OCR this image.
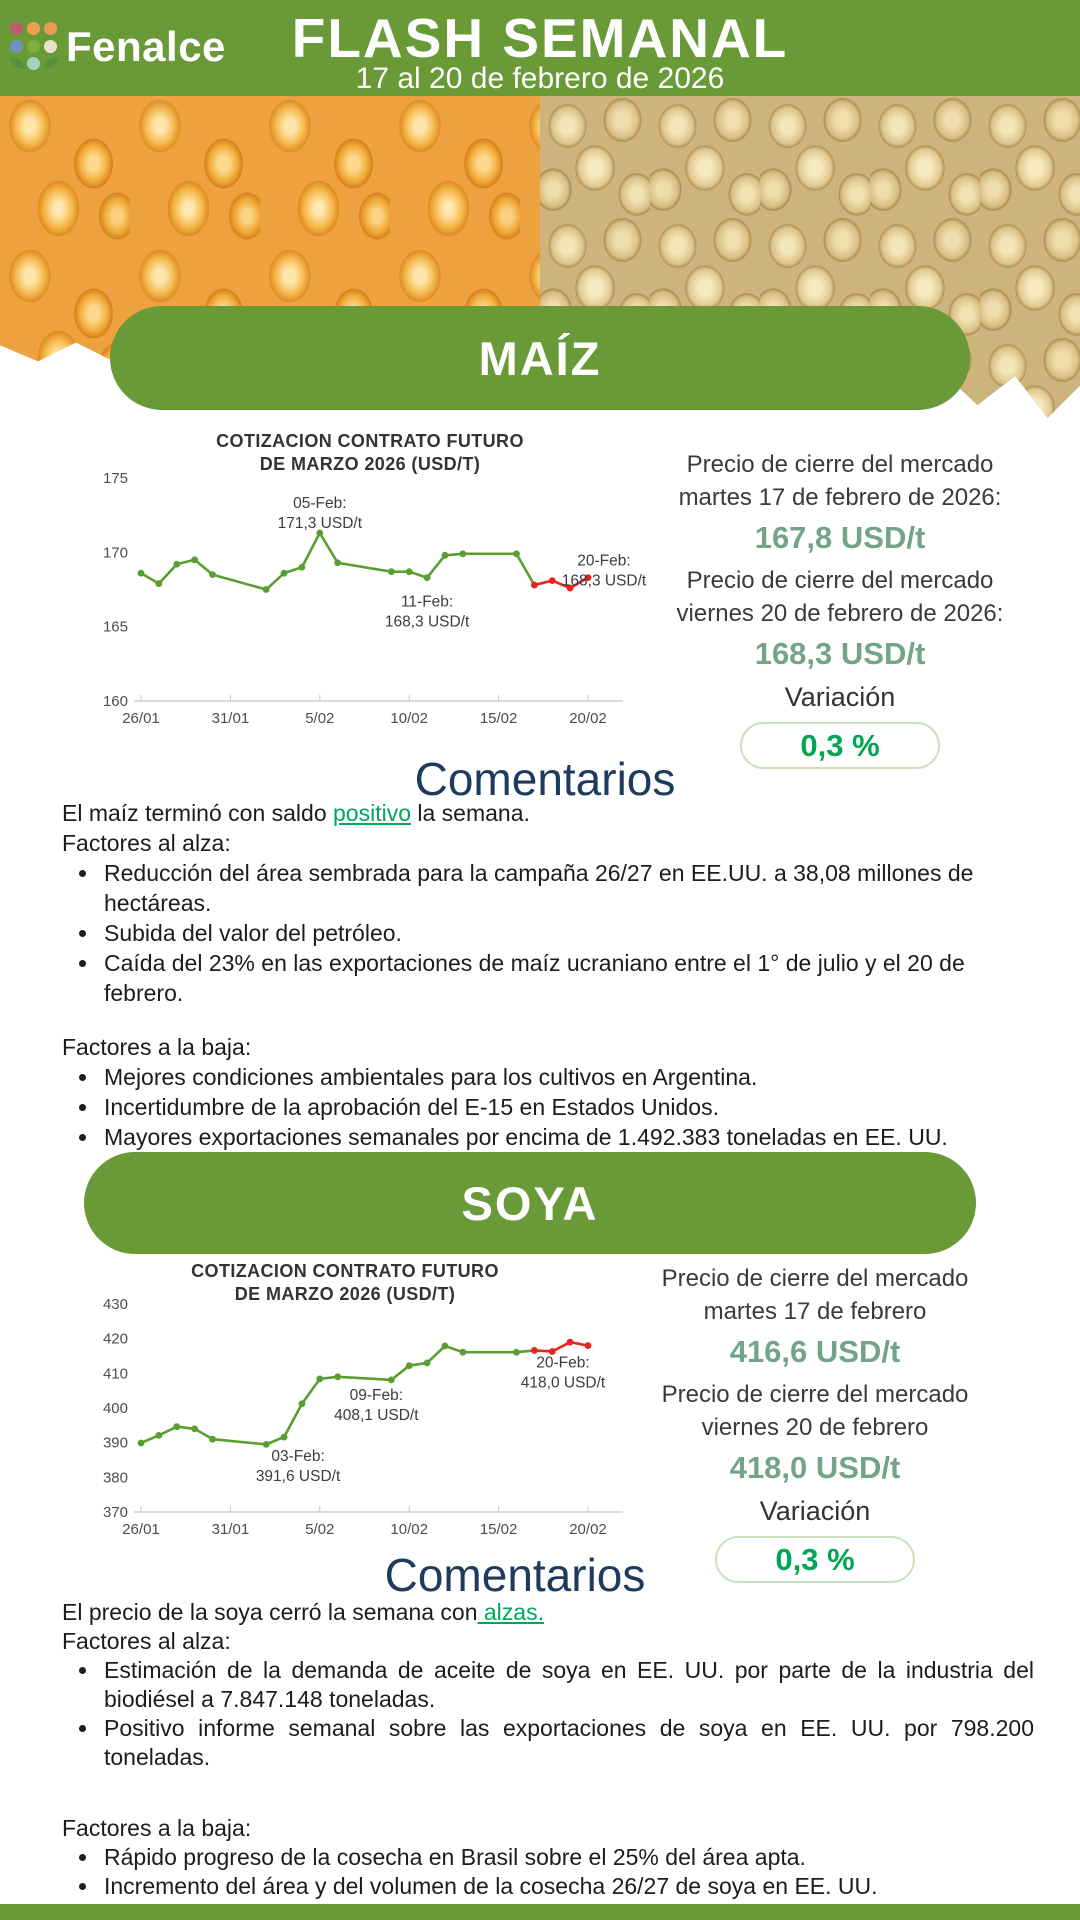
Fenalce	FLASH SEMANAL
17 al 20 de febrero de 2026
MAÍZ
COTIZACION CONTRATO FUTURO
DE MARZO 2026 (USD/T)
175
170
165
160
26/01	31/01	5/02	10/02	15/02	20/02
05-Feb:
171,3 USD/t
11-Feb:
168,3 USD/t
20-Feb:
168,3 USD/t
Precio de cierre del mercado
martes 17 de febrero de 2026:
167,8 USD/t
Precio de cierre del mercado
viernes 20 de febrero de 2026:
168,3 USD/t
Variación
0,3 %
Comentarios
El maíz terminó con saldo positivo la semana.
Factores al alza:
• Reducción del área sembrada para la campaña 26/27 en EE.UU. a 38,08 millones de hectáreas.
• Subida del valor del petróleo.
• Caída del 23% en las exportaciones de maíz ucraniano entre el 1° de julio y el 20 de febrero.
Factores a la baja:
• Mejores condiciones ambientales para los cultivos en Argentina.
• Incertidumbre de la aprobación del E-15 en Estados Unidos.
• Mayores exportaciones semanales por encima de 1.492.383 toneladas en EE. UU.
SOYA
COTIZACION CONTRATO FUTURO
DE MARZO 2026 (USD/T)
430
420
410
400
390
380
370
26/01	31/01	5/02	10/02	15/02	20/02
03-Feb:
391,6 USD/t
09-Feb:
408,1 USD/t
20-Feb:
418,0 USD/t
Precio de cierre del mercado
martes 17 de febrero
416,6 USD/t
Precio de cierre del mercado
viernes 20 de febrero
418,0 USD/t
Variación
0,3 %
Comentarios
El precio de la soya cerró la semana con alzas.
Factores al alza:
• Estimación de la demanda de aceite de soya en EE. UU. por parte de la industria del biodiésel a 7.847.148 toneladas.
• Positivo informe semanal sobre las exportaciones de soya en EE. UU. por 798.200 toneladas.
Factores a la baja:
• Rápido progreso de la cosecha en Brasil sobre el 25% del área apta.
• Incremento del área y del volumen de la cosecha 26/27 de soya en EE. UU.
•
